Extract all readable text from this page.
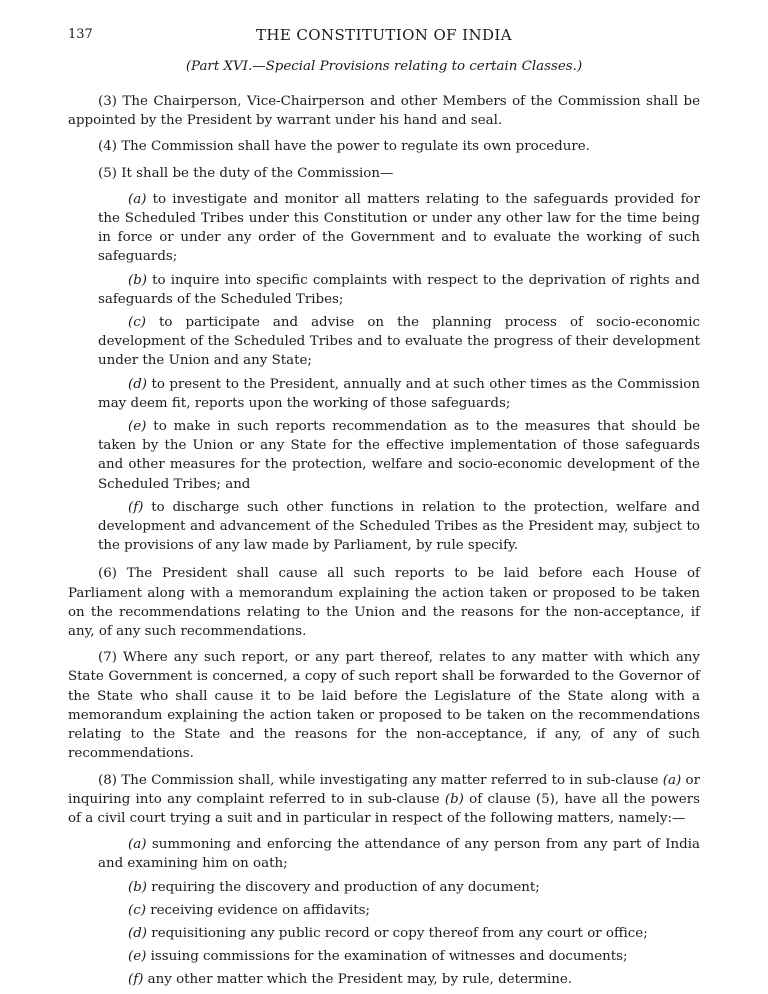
137	THE CONSTITUTION OF INDIA
(Part XVI.—Special Provisions relating to certain Classes.)

(3) The Chairperson, Vice-Chairperson and other Members of the Commission shall be appointed by the President by warrant under his hand and seal.

(4) The Commission shall have the power to regulate its own procedure.

(5) It shall be the duty of the Commission—

(a) to investigate and monitor all matters relating to the safeguards provided for the Scheduled Tribes under this Constitution or under any other law for the time being in force or under any order of the Government and to evaluate the working of such safeguards;

(b) to inquire into specific complaints with respect to the deprivation of rights and safeguards of the Scheduled Tribes;

(c) to participate and advise on the planning process of socio-economic development of the Scheduled Tribes and to evaluate the progress of their development under the Union and any State;

(d) to present to the President, annually and at such other times as the Commission may deem fit, reports upon the working of those safeguards;

(e) to make in such reports recommendation as to the measures that should be taken by the Union or any State for the effective implementation of those safeguards and other measures for the protection, welfare and socio-economic development of the Scheduled Tribes; and

(f) to discharge such other functions in relation to the protection, welfare and development and advancement of the Scheduled Tribes as the President may, subject to the provisions of any law made by Parliament, by rule specify.

(6) The President shall cause all such reports to be laid before each House of Parliament along with a memorandum explaining the action taken or proposed to be taken on the recommendations relating to the Union and the reasons for the non-acceptance, if any, of any such recommendations.

(7) Where any such report, or any part thereof, relates to any matter with which any State Government is concerned, a copy of such report shall be forwarded to the Governor of the State who shall cause it to be laid before the Legislature of the State along with a memorandum explaining the action taken or proposed to be taken on the recommendations relating to the State and the reasons for the non-acceptance, if any, of any of such recommendations.

(8) The Commission shall, while investigating any matter referred to in sub-clause (a) or inquiring into any complaint referred to in sub-clause (b) of clause (5), have all the powers of a civil court trying a suit and in particular in respect of the following matters, namely:—

(a) summoning and enforcing the attendance of any person from any part of India and examining him on oath;

(b) requiring the discovery and production of any document;

(c) receiving evidence on affidavits;

(d) requisitioning any public record or copy thereof from any court or office;

(e) issuing commissions for the examination of witnesses and documents;

(f) any other matter which the President may, by rule, determine.
